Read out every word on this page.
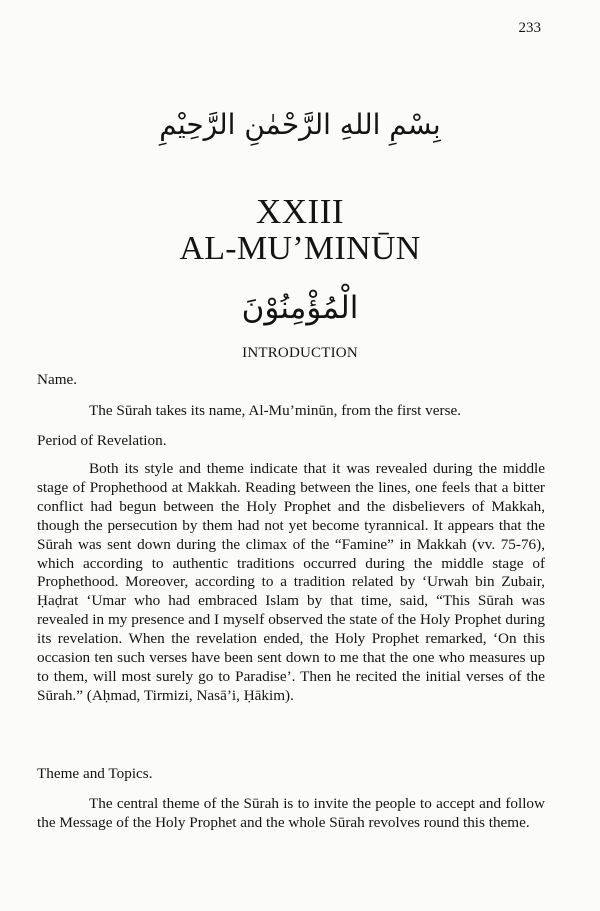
233
بِسْمِ اللهِ الرَّحْمٰنِ الرَّحِيْمِ
XXIII
AL-MU’MINŪN
الْمُؤْمِنُوْنَ
INTRODUCTION
Name.
The Sūrah takes its name, Al-Mu’minūn, from the first verse.
Period of Revelation.
Both its style and theme indicate that it was revealed during the middle stage of Prophethood at Makkah. Reading between the lines, one feels that a bitter conflict had begun between the Holy Prophet and the disbelievers of Makkah, though the persecution by them had not yet become tyrannical. It appears that the Sūrah was sent down during the climax of the “Famine” in Makkah (vv. 75-76), which according to authentic traditions occurred during the middle stage of Prophethood. Moreover, according to a tradition related by ‘Urwah bin Zubair, Ḥaḍrat ‘Umar who had embraced Islam by that time, said, “This Sūrah was revealed in my presence and I myself observed the state of the Holy Prophet during its revelation. When the revelation ended, the Holy Prophet remarked, ‘On this occasion ten such verses have been sent down to me that the one who measures up to them, will most surely go to Paradise’. Then he recited the initial verses of the Sūrah.” (Aḥmad, Tirmizi, Nasā’i, Ḥākim).
Theme and Topics.
The central theme of the Sūrah is to invite the people to accept and follow the Message of the Holy Prophet and the whole Sūrah revolves round this theme.
